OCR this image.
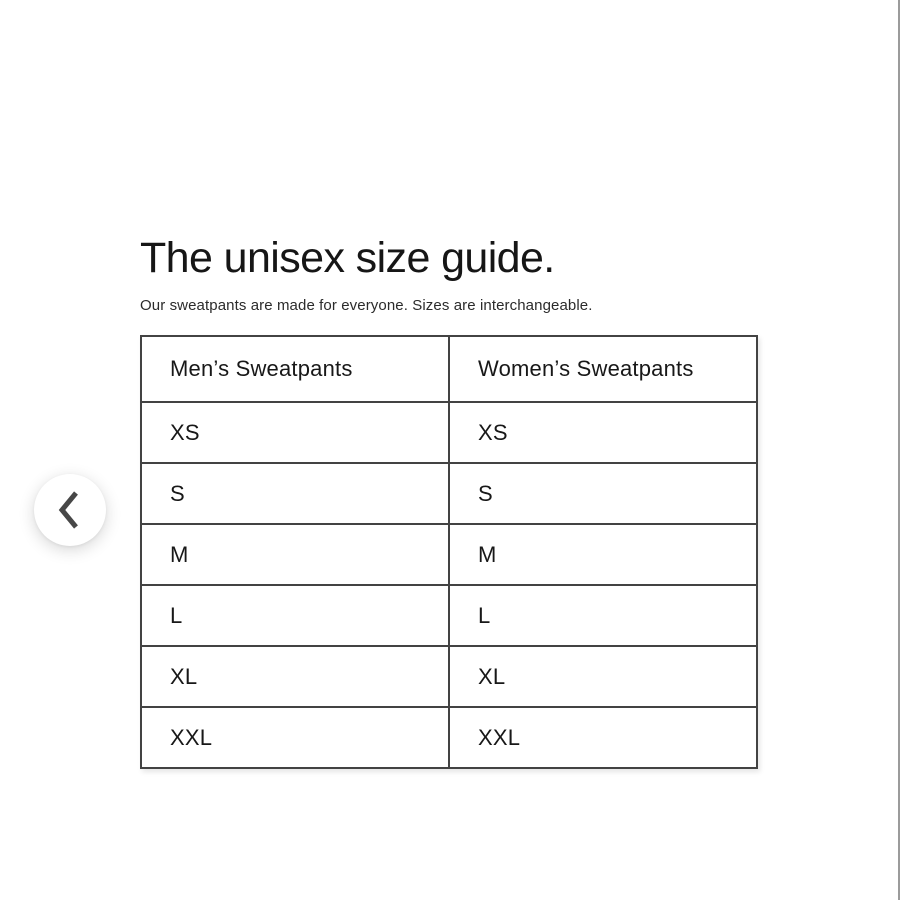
The unisex size guide.

Our sweatpants are made for everyone. Sizes are interchangeable.

Men’s Sweatpants	Women’s Sweatpants
XS	XS
S	S
M	M
L	L
XL	XL
XXL	XXL
